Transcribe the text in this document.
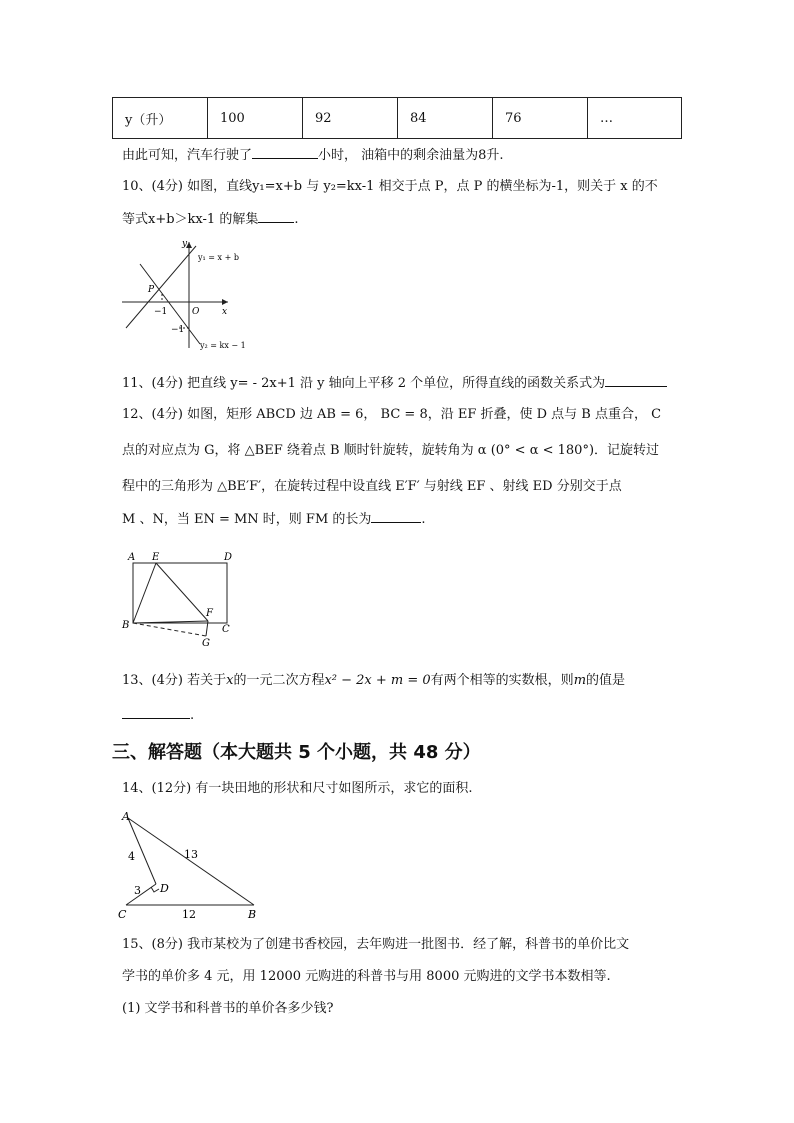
y（升）	100	92	84	76	…
由此可知，汽车行驶了	小时， 油箱中的剩余油量为8升.
10、(4分) 如图，直线y₁=x+b 与 y₂=kx-1 相交于点 P，点 P 的横坐标为-1，则关于 x 的不
等式x+b＞kx-1 的解集	.
y
x
O
P
−1
−1
y₁ = x + b
y₂ = kx − 1
11、(4分) 把直线 y= - 2x+1 沿 y 轴向上平移 2 个单位，所得直线的函数关系式为
12、(4分) 如图，矩形 ABCD 边 AB = 6， BC = 8，沿 EF 折叠，使 D 点与 B 点重合， C
点的对应点为 G，将 △BEF 绕着点 B 顺时针旋转，旋转角为 α (0° < α < 180°)．记旋转过
程中的三角形为 △BE′F′，在旋转过程中设直线 E′F′ 与射线 EF 、射线 ED 分别交于点
M 、N，当 EN = MN 时，则 FM 的长为	.
A E	D
B
F
C
G
13、(4分) 若关于x的一元二次方程x² − 2x + m = 0有两个相等的实数根，则m的值是
.
三、解答题（本大题共 5 个小题，共 48 分）
14、(12分) 有一块田地的形状和尺寸如图所示，求它的面积.
A
B
C
D
4	13
3
12
15、(8分) 我市某校为了创建书香校园，去年购进一批图书．经了解，科普书的单价比文
学书的单价多 4 元，用 12000 元购进的科普书与用 8000 元购进的文学书本数相等.
(1) 文学书和科普书的单价各多少钱?
